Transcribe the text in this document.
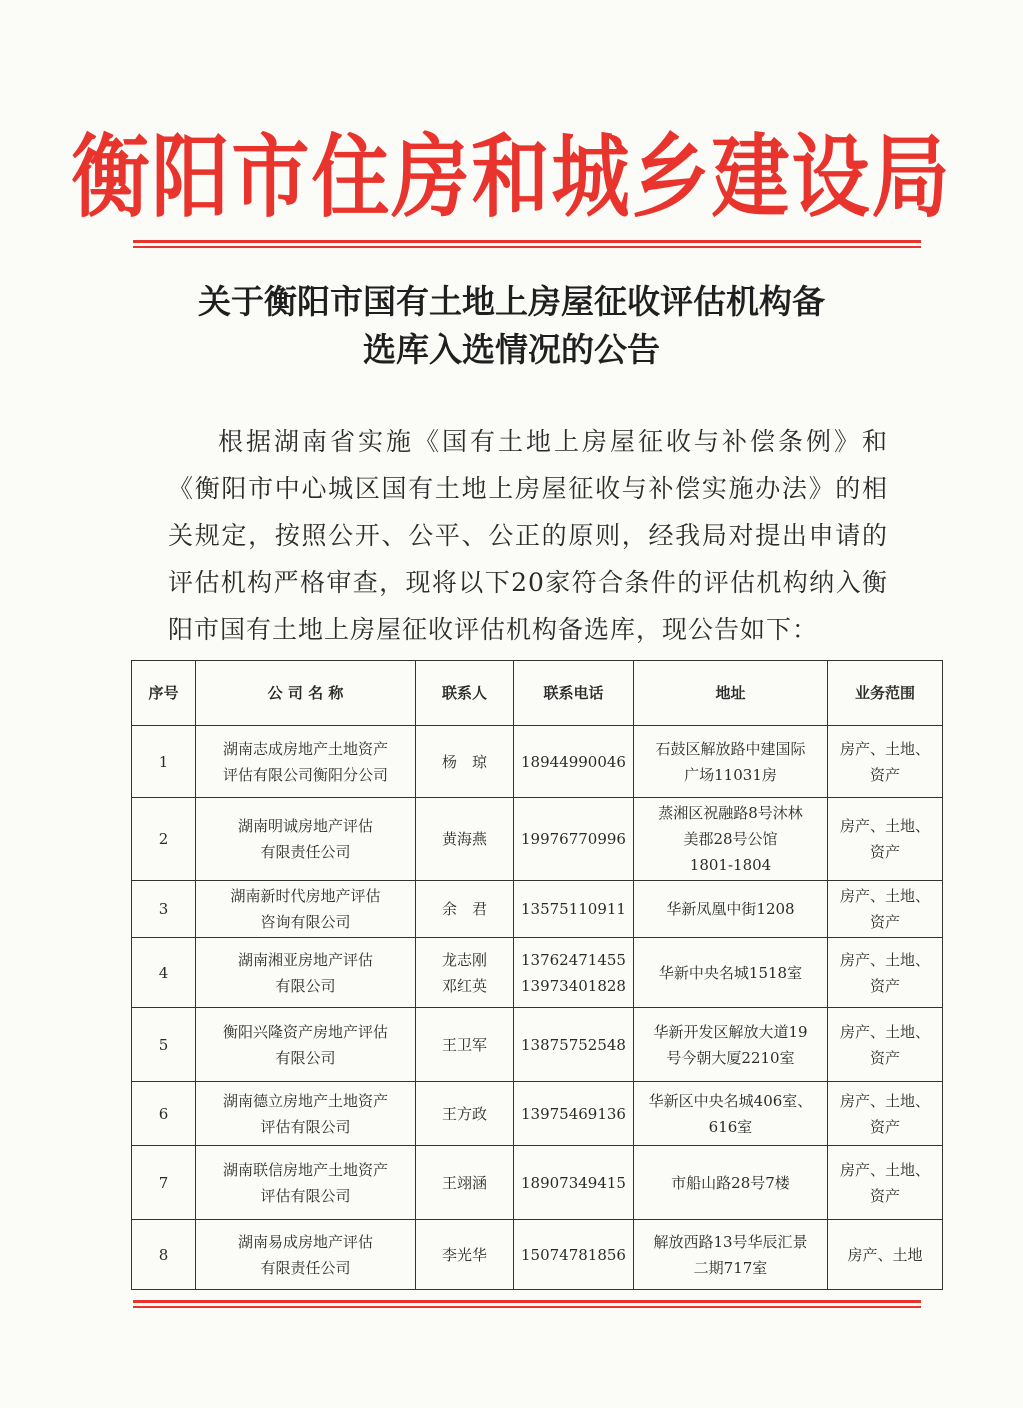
衡阳市住房和城乡建设局
关于衡阳市国有土地上房屋征收评估机构备
选库入选情况的公告
根据湖南省实施《国有土地上房屋征收与补偿条例》和《衡阳市中心城区国有土地上房屋征收与补偿实施办法》的相关规定，按照公开、公平、公正的原则，经我局对提出申请的评估机构严格审查，现将以下20家符合条件的评估机构纳入衡阳市国有土地上房屋征收评估机构备选库，现公告如下：
序号	公 司 名 称	联系人	联系电话	地址	业务范围
1	湖南志成房地产土地资产
评估有限公司衡阳分公司	杨　琼	18944990046	石鼓区解放路中建国际
广场11031房	房产、土地、
资产
2	湖南明诚房地产评估
有限责任公司	黄海燕	19976770996	蒸湘区祝融路8号沐林
美郡28号公馆
1801-1804	房产、土地、
资产
3	湖南新时代房地产评估
咨询有限公司	余　君	13575110911	华新凤凰中街1208	房产、土地、
资产
4	湖南湘亚房地产评估
有限公司	龙志刚
邓红英	13762471455
13973401828	华新中央名城1518室	房产、土地、
资产
5	衡阳兴隆资产房地产评估
有限公司	王卫军	13875752548	华新开发区解放大道19
号今朝大厦2210室	房产、土地、
资产
6	湖南德立房地产土地资产
评估有限公司	王方政	13975469136	华新区中央名城406室、
616室	房产、土地、
资产
7	湖南联信房地产土地资产
评估有限公司	王翊涵	18907349415	市船山路28号7楼	房产、土地、
资产
8	湖南易成房地产评估
有限责任公司	李光华	15074781856	解放西路13号华辰汇景
二期717室	房产、土地
